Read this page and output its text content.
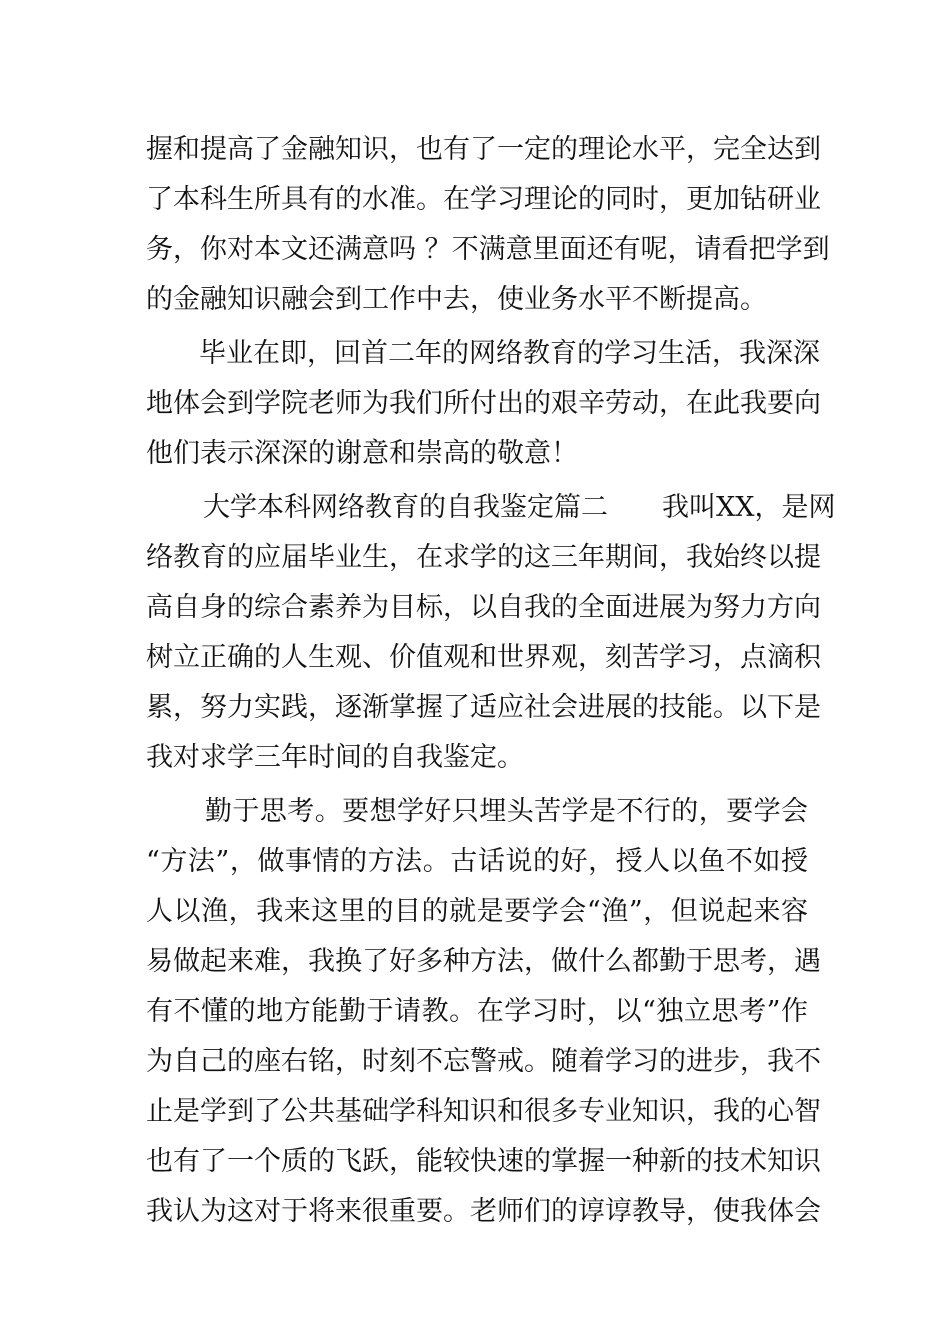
握和提高了金融知识，也有了一定的理论水平，完全达到
了本科生所具有的水准。在学习理论的同时，更加钻研业
务，你对本文还满意吗 ？不满意里面还有呢，请看把学到
的金融知识融会到工作中去，使业务水平不断提高。
毕业在即，回首二年的网络教育的学习生活，我深深
地体会到学院老师为我们所付出的艰辛劳动，在此我要向
他们表示深深的谢意和崇高的敬意！
大学本科网络教育的自我鉴定篇二　　我叫XX，是网
络教育的应届毕业生，在求学的这三年期间，我始终以提
高自身的综合素养为目标，以自我的全面进展为努力方向
树立正确的人生观、价值观和世界观，刻苦学习，点滴积
累，努力实践，逐渐掌握了适应社会进展的技能。以下是
我对求学三年时间的自我鉴定。
勤于思考。要想学好只埋头苦学是不行的，要学会
“方法”，做事情的方法。古话说的好，授人以鱼不如授
人以渔，我来这里的目的就是要学会“渔”，但说起来容
易做起来难，我换了好多种方法，做什么都勤于思考，遇
有不懂的地方能勤于请教。在学习时，以“独立思考”作
为自己的座右铭，时刻不忘警戒。随着学习的进步，我不
止是学到了公共基础学科知识和很多专业知识，我的心智
也有了一个质的飞跃，能较快速的掌握一种新的技术知识
我认为这对于将来很重要。老师们的谆谆教导，使我体会
